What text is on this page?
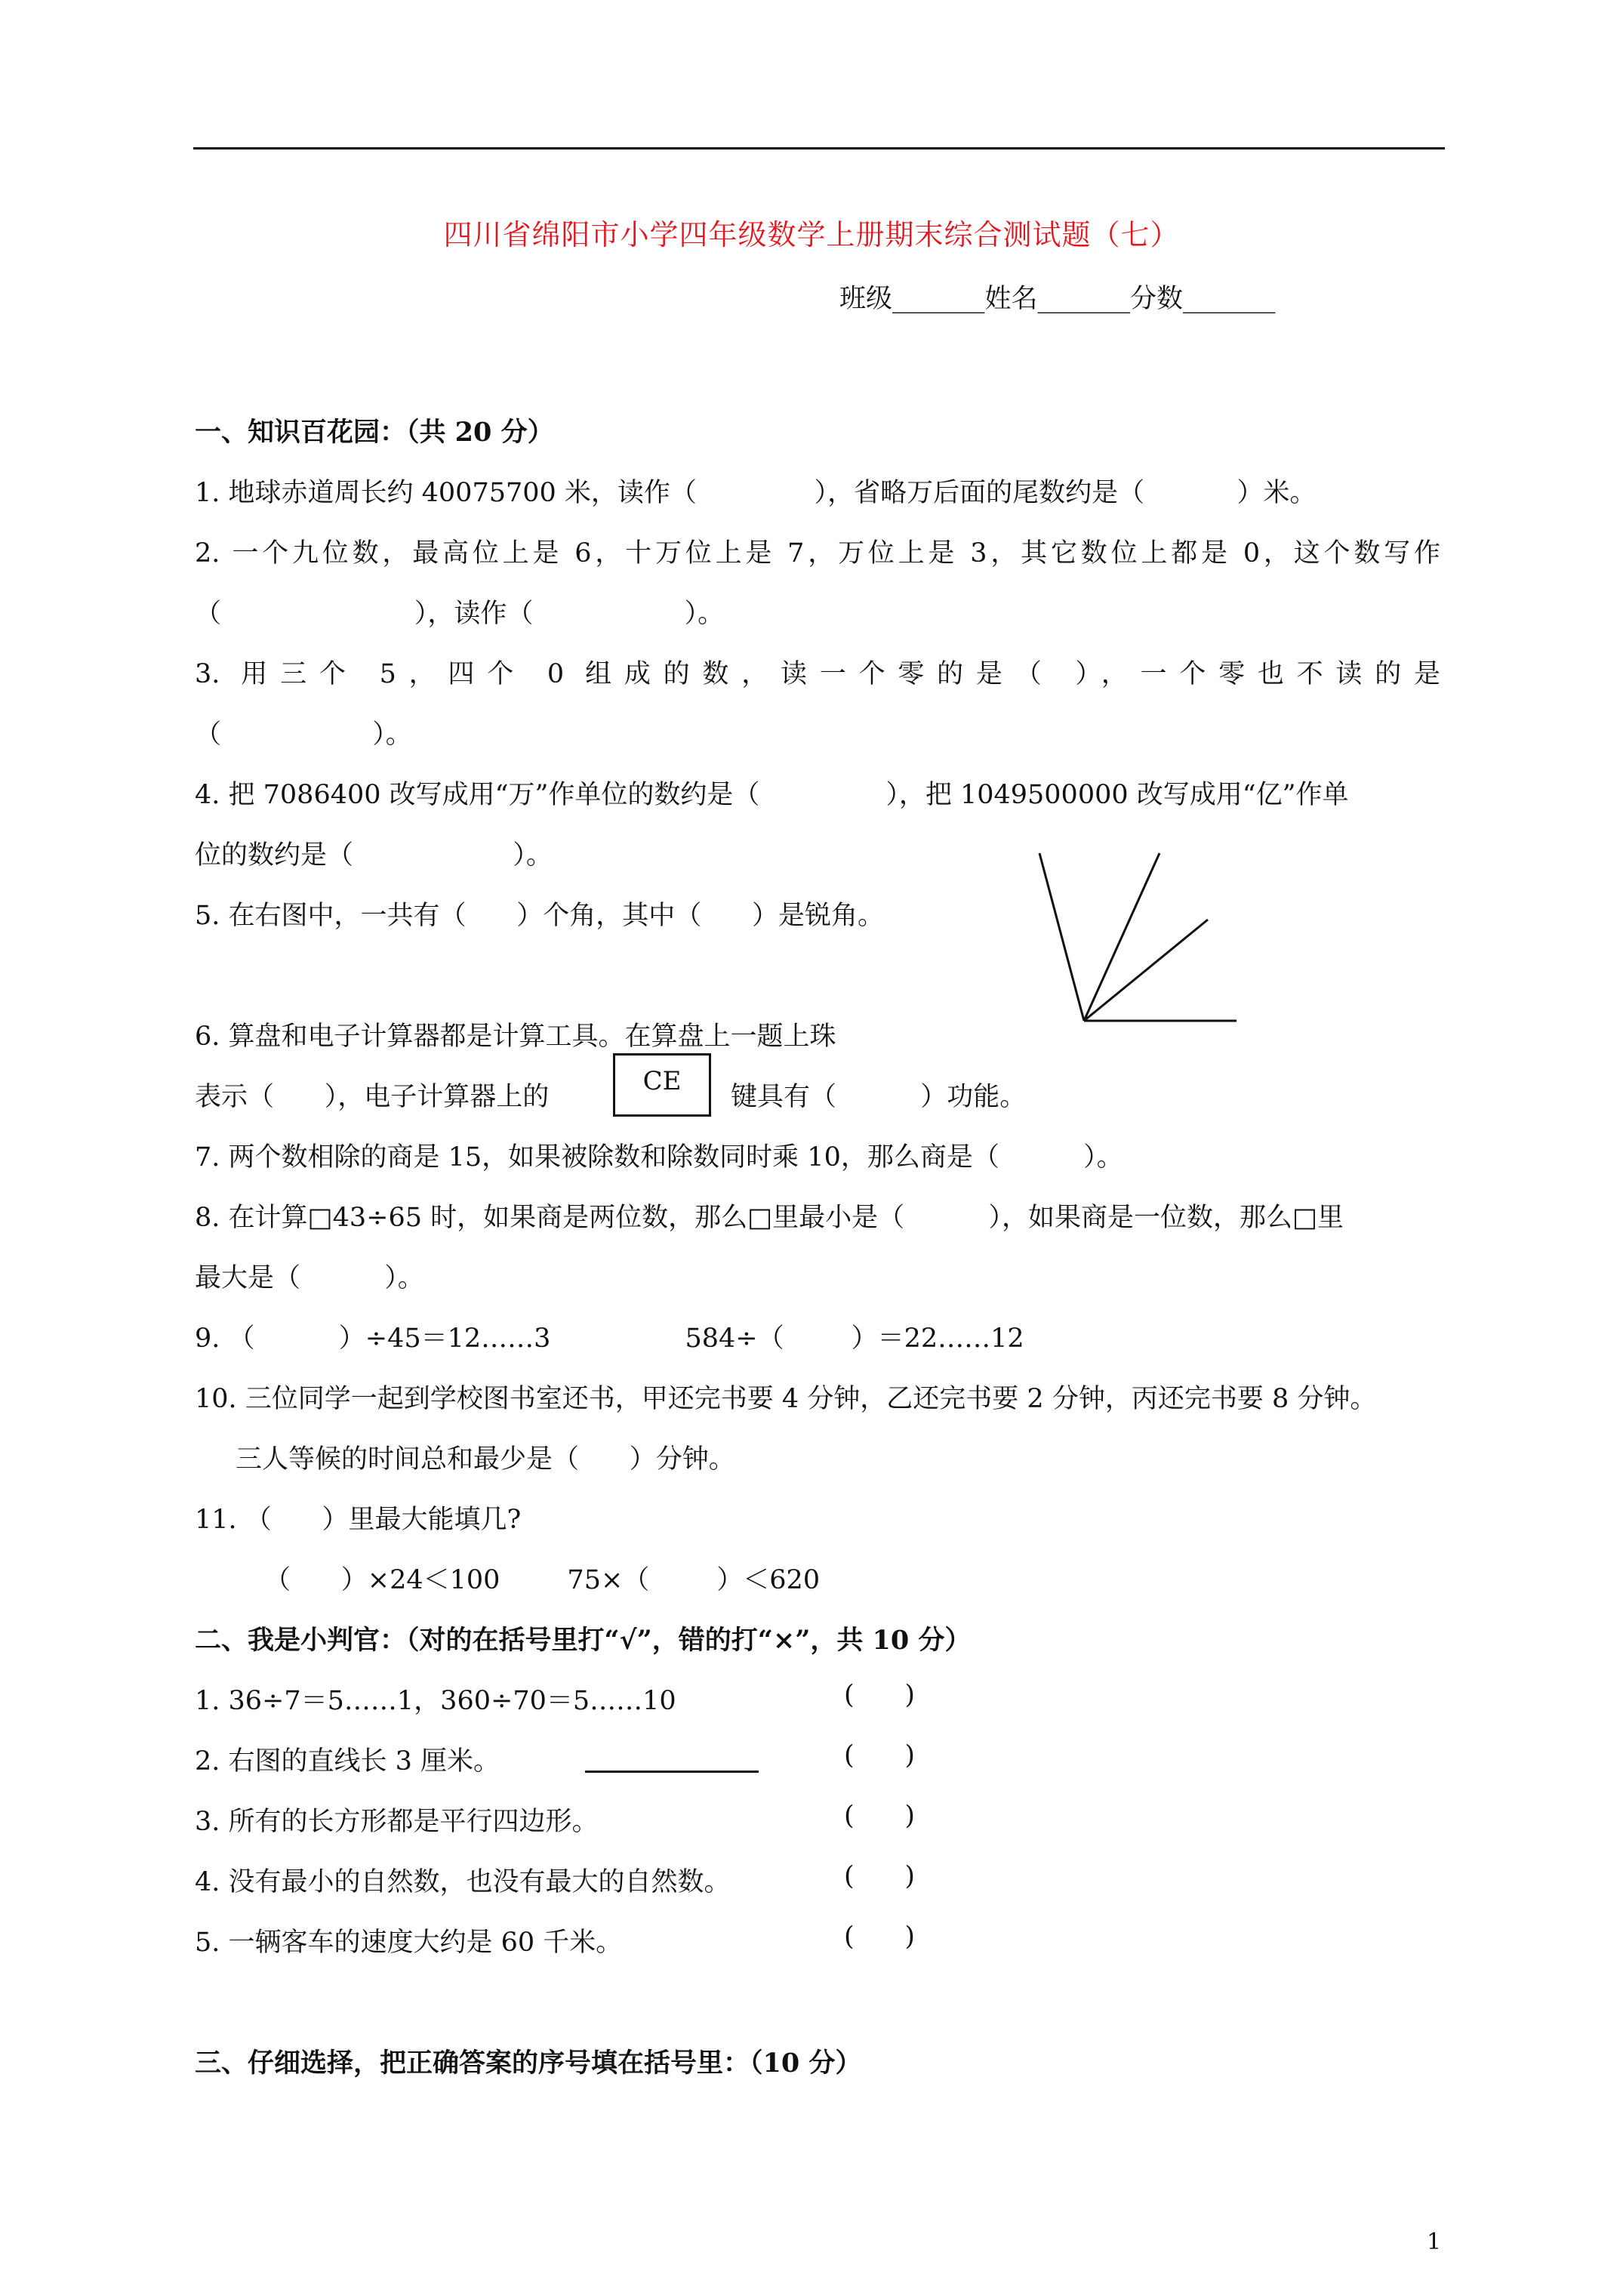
四川省绵阳市小学四年级数学上册期末综合测试题（七）
班级_______姓名_______分数_______
一、知识百花园：（共 20 分）
1. 地球赤道周长约 40075700 米，读作（              ），省略万后面的尾数约是（           ）米。
2. 一个九位数，最高位上是 6，十万位上是 7，万位上是 3，其它数位上都是 0，这个数写作
（                       ），读作（                  ）。
3. 用三个 5，四个 0 组成的数，读一个零的是（ ），一个零也不读的是
（                  ）。
4. 把 7086400 改写成用“万”作单位的数约是（               ），把 1049500000 改写成用“亿”作单
位的数约是（                   ）。
5. 在右图中，一共有（      ）个角，其中（      ）是锐角。
6. 算盘和电子计算器都是计算工具。在算盘上一题上珠
表示（      ），电子计算器上的
CE
键具有（          ）功能。
7. 两个数相除的商是 15，如果被除数和除数同时乘 10，那么商是（          ）。
8. 在计算□43÷65 时，如果商是两位数，那么□里最小是（          ），如果商是一位数，那么□里
最大是（          ）。
9. （          ）÷45＝12……3                584÷（        ）＝22……12
10. 三位同学一起到学校图书室还书，甲还完书要 4 分钟，乙还完书要 2 分钟，丙还完书要 8 分钟。
三人等候的时间总和最少是（      ）分钟。
11. （      ）里最大能填几?
（      ）×24＜100        75×（        ）＜620
二、我是小判官：（对的在括号里打“√”，错的打“×”，共 10 分）
1. 36÷7＝5……1，360÷70＝5……10	(      )
2. 右图的直线长 3 厘米。	(      )
3. 所有的长方形都是平行四边形。	(      )
4. 没有最小的自然数，也没有最大的自然数。	(      )
5. 一辆客车的速度大约是 60 千米。	(      )
三、仔细选择，把正确答案的序号填在括号里：（10 分）
1
